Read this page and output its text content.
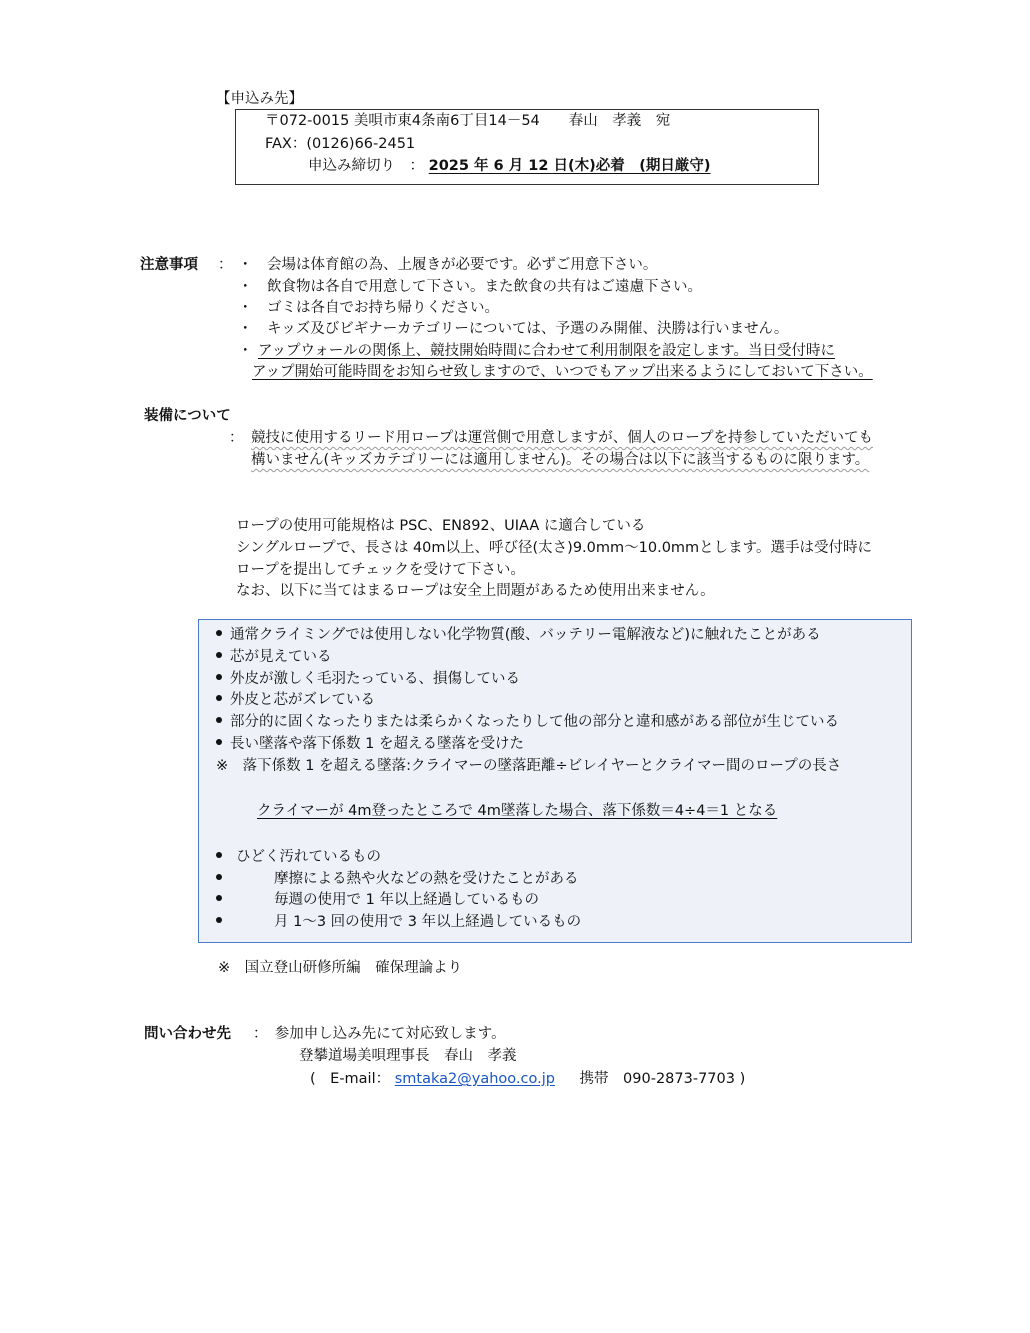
【申込み先】
〒072-0015 美唄市東4条南6丁目14－54　　春山　孝義　宛
FAX：(0126)66-2451
申込み締切り　： 2025 年 6 月 12 日(木)必着　(期日厳守)
注意事項 ： ・　会場は体育館の為、上履きが必要です。必ずご用意下さい。
・　飲食物は各自で用意して下さい。また飲食の共有はご遠慮下さい。
・　ゴミは各自でお持ち帰りください。
・　キッズ及びビギナーカテゴリーについては、予選のみ開催、決勝は行いません。
・ アップウォールの関係上、競技開始時間に合わせて利用制限を設定します。当日受付時に
アップ開始可能時間をお知らせ致しますので、いつでもアップ出来るようにしておいて下さい。
装備について
： 競技に使用するリード用ロープは運営側で用意しますが、個人のロープを持参していただいても
構いません(キッズカテゴリーには適用しません)。その場合は以下に該当するものに限ります。
ロープの使用可能規格は PSC、EN892、UIAA に適合している
シングルロープで、長さは 40m以上、呼び径(太さ)9.0mm～10.0mmとします。選手は受付時に
ロープを提出してチェックを受けて下さい。
なお、以下に当てはまるロープは安全上問題があるため使用出来ません。
通常クライミングでは使用しない化学物質(酸、バッテリー電解液など)に触れたことがある
芯が見えている
外皮が激しく毛羽たっている、損傷している
外皮と芯がズレている
部分的に固くなったりまたは柔らかくなったりして他の部分と違和感がある部位が生じている
長い墜落や落下係数 1 を超える墜落を受けた
※　落下係数 1 を超える墜落:クライマーの墜落距離÷ビレイヤーとクライマー間のロープの長さ
クライマーが 4m登ったところで 4m墜落した場合、落下係数＝4÷4＝1 となる
ひどく汚れているもの
摩擦による熱や火などの熱を受けたことがある
毎週の使用で 1 年以上経過しているもの
月 1～3 回の使用で 3 年以上経過しているもの
※　国立登山研修所編　確保理論より
問い合わせ先 ：　参加申し込み先にて対応致します。
登攀道場美唄理事長　春山　孝義
(　E-mail： smtaka2@yahoo.co.jp 携帯　090-2873-7703 )
